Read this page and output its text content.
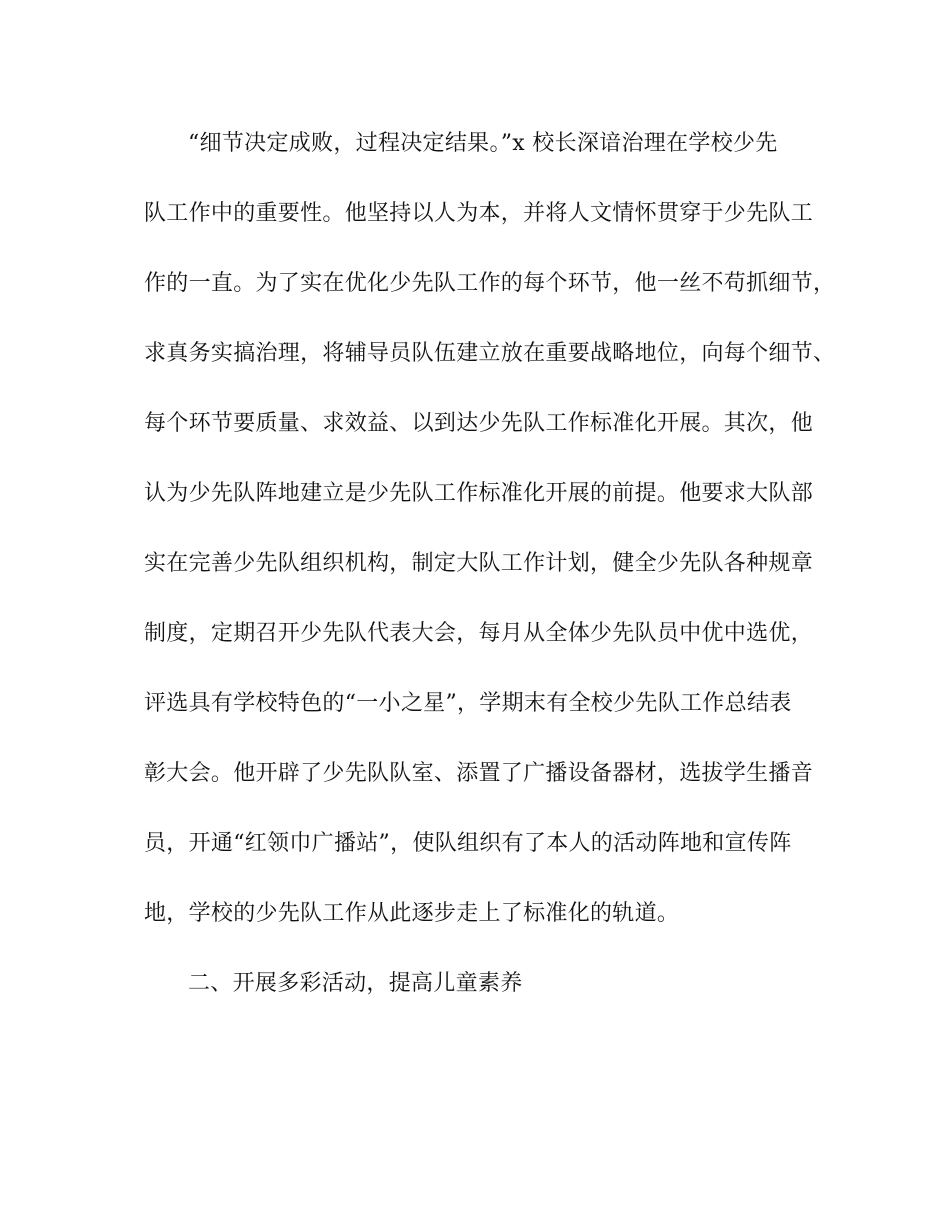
“细节决定成败，过程决定结果。”x 校长深谙治理在学校少先
队工作中的重要性。他坚持以人为本，并将人文情怀贯穿于少先队工
作的一直。为了实在优化少先队工作的每个环节，他一丝不苟抓细节，
求真务实搞治理，将辅导员队伍建立放在重要战略地位，向每个细节、
每个环节要质量、求效益、以到达少先队工作标准化开展。其次，他
认为少先队阵地建立是少先队工作标准化开展的前提。他要求大队部
实在完善少先队组织机构，制定大队工作计划，健全少先队各种规章
制度，定期召开少先队代表大会，每月从全体少先队员中优中选优，
评选具有学校特色的“一小之星”，学期末有全校少先队工作总结表
彰大会。他开辟了少先队队室、添置了广播设备器材，选拔学生播音
员，开通“红领巾广播站”，使队组织有了本人的活动阵地和宣传阵
地，学校的少先队工作从此逐步走上了标准化的轨道。
二、开展多彩活动，提高儿童素养
